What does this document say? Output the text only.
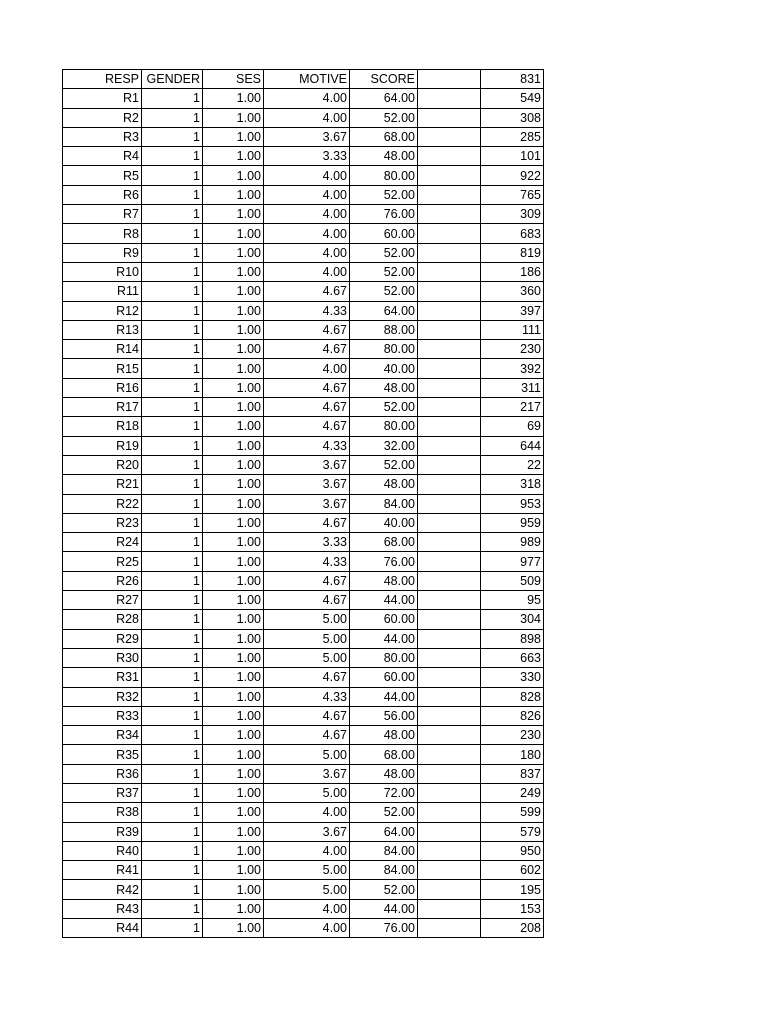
RESP	GENDER	SES	MOTIVE	SCORE		831
R1	1	1.00	4.00	64.00		549
R2	1	1.00	4.00	52.00		308
R3	1	1.00	3.67	68.00		285
R4	1	1.00	3.33	48.00		101
R5	1	1.00	4.00	80.00		922
R6	1	1.00	4.00	52.00		765
R7	1	1.00	4.00	76.00		309
R8	1	1.00	4.00	60.00		683
R9	1	1.00	4.00	52.00		819
R10	1	1.00	4.00	52.00		186
R11	1	1.00	4.67	52.00		360
R12	1	1.00	4.33	64.00		397
R13	1	1.00	4.67	88.00		111
R14	1	1.00	4.67	80.00		230
R15	1	1.00	4.00	40.00		392
R16	1	1.00	4.67	48.00		311
R17	1	1.00	4.67	52.00		217
R18	1	1.00	4.67	80.00		69
R19	1	1.00	4.33	32.00		644
R20	1	1.00	3.67	52.00		22
R21	1	1.00	3.67	48.00		318
R22	1	1.00	3.67	84.00		953
R23	1	1.00	4.67	40.00		959
R24	1	1.00	3.33	68.00		989
R25	1	1.00	4.33	76.00		977
R26	1	1.00	4.67	48.00		509
R27	1	1.00	4.67	44.00		95
R28	1	1.00	5.00	60.00		304
R29	1	1.00	5.00	44.00		898
R30	1	1.00	5.00	80.00		663
R31	1	1.00	4.67	60.00		330
R32	1	1.00	4.33	44.00		828
R33	1	1.00	4.67	56.00		826
R34	1	1.00	4.67	48.00		230
R35	1	1.00	5.00	68.00		180
R36	1	1.00	3.67	48.00		837
R37	1	1.00	5.00	72.00		249
R38	1	1.00	4.00	52.00		599
R39	1	1.00	3.67	64.00		579
R40	1	1.00	4.00	84.00		950
R41	1	1.00	5.00	84.00		602
R42	1	1.00	5.00	52.00		195
R43	1	1.00	4.00	44.00		153
R44	1	1.00	4.00	76.00		208
